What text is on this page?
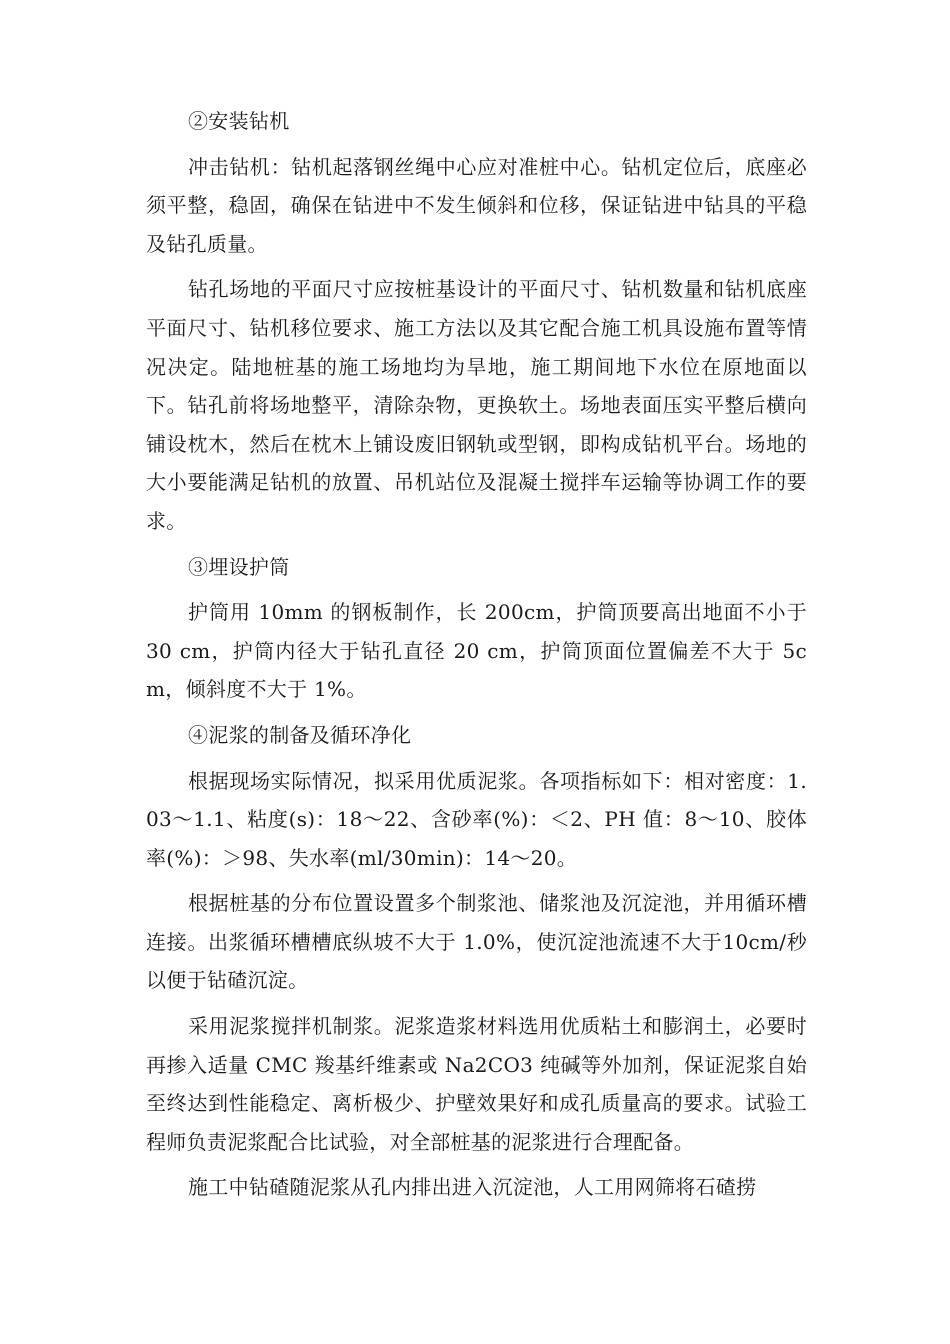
②安装钻机

冲击钻机：钻机起落钢丝绳中心应对准桩中心。钻机定位后，底座必须平整，稳固，确保在钻进中不发生倾斜和位移，保证钻进中钻具的平稳及钻孔质量。

钻孔场地的平面尺寸应按桩基设计的平面尺寸、钻机数量和钻机底座平面尺寸、钻机移位要求、施工方法以及其它配合施工机具设施布置等情况决定。陆地桩基的施工场地均为旱地，施工期间地下水位在原地面以下。钻孔前将场地整平，清除杂物，更换软土。场地表面压实平整后横向铺设枕木，然后在枕木上铺设废旧钢轨或型钢，即构成钻机平台。场地的大小要能满足钻机的放置、吊机站位及混凝土搅拌车运输等协调工作的要求。

③埋设护筒

护筒用 10mm 的钢板制作，长 200cm，护筒顶要高出地面不小于 30 cm，护筒内径大于钻孔直径 20 cm，护筒顶面位置偏差不大于 5cm，倾斜度不大于 1%。

④泥浆的制备及循环净化

根据现场实际情况，拟采用优质泥浆。各项指标如下：相对密度：1.03～1.1、粘度(s)：18～22、含砂率(%)：＜2、PH 值：8～10、胶体率(%)：＞98、失水率(ml/30min)：14～20。

根据桩基的分布位置设置多个制浆池、储浆池及沉淀池，并用循环槽连接。出浆循环槽槽底纵坡不大于 1.0%，使沉淀池流速不大于10cm/秒以便于钻碴沉淀。

采用泥浆搅拌机制浆。泥浆造浆材料选用优质粘土和膨润土，必要时再掺入适量 CMC 羧基纤维素或 Na2CO3 纯碱等外加剂，保证泥浆自始至终达到性能稳定、离析极少、护壁效果好和成孔质量高的要求。试验工程师负责泥浆配合比试验，对全部桩基的泥浆进行合理配备。

施工中钻碴随泥浆从孔内排出进入沉淀池，人工用网筛将石碴捞
